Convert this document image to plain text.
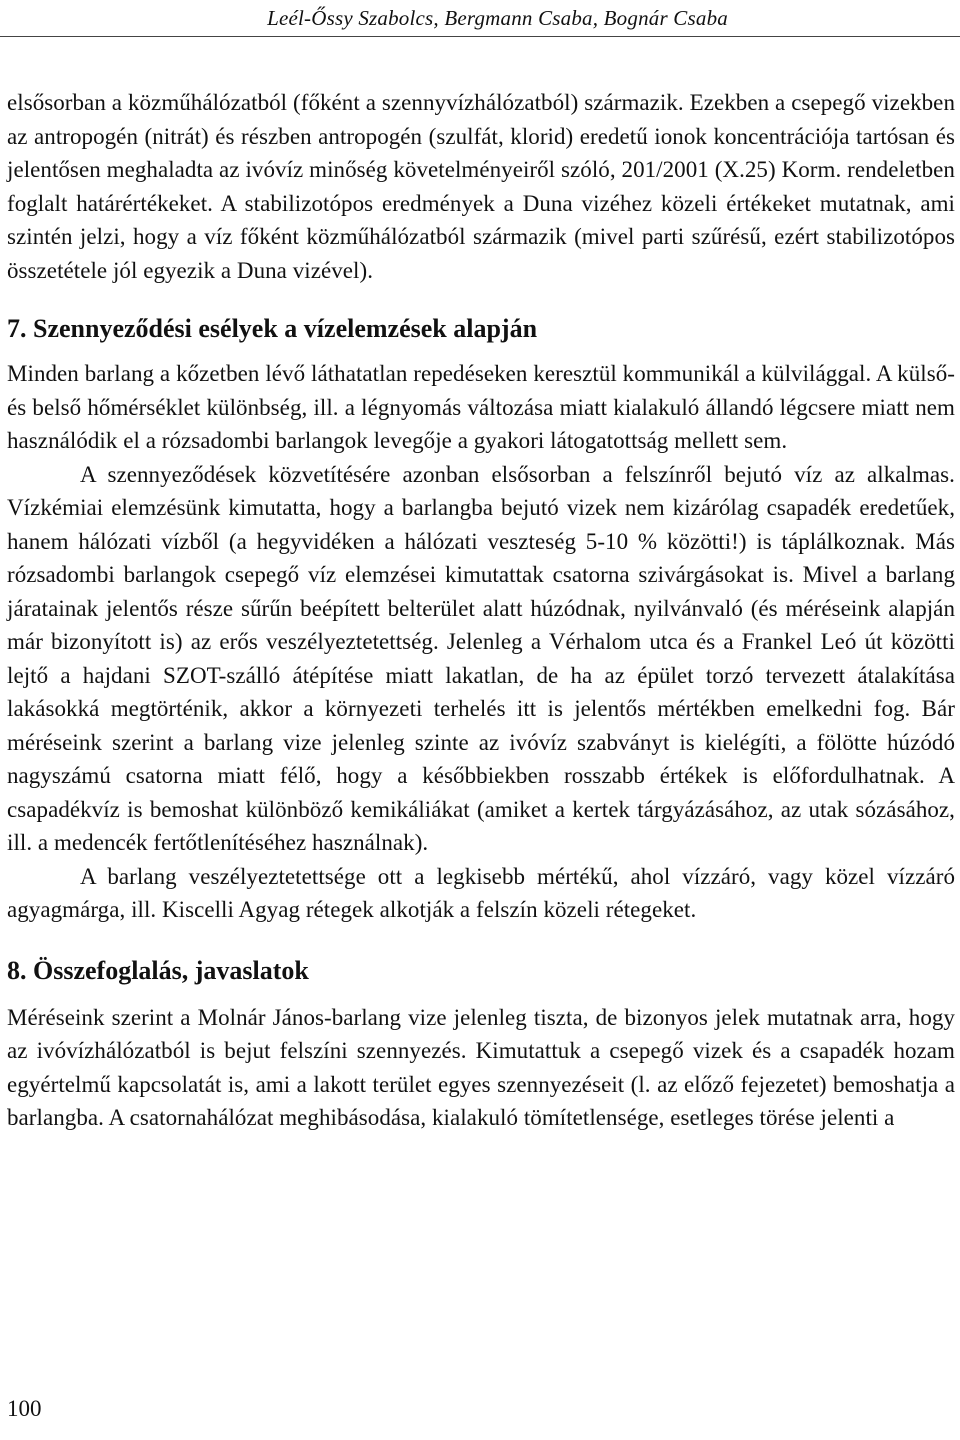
Leél-Őssy Szabolcs, Bergmann Csaba, Bognár Csaba

elsősorban a közműhálózatból (főként a szennyvízhálózatból) származik. Ezekben a csepegő vizekben az antropogén (nitrát) és részben antropogén (szulfát, klorid) eredetű ionok koncentrációja tartósan és jelentősen meghaladta az ivóvíz minőség követelményeiről szóló, 201/2001 (X.25) Korm. rendeletben foglalt határértékeket. A stabilizotópos eredmények a Duna vizéhez közeli értékeket mutatnak, ami szintén jelzi, hogy a víz főként közműhálózatból származik (mivel parti szűrésű, ezért stabilizotópos összetétele jól egyezik a Duna vizével).

7. Szennyeződési esélyek a vízelemzések alapján

Minden barlang a kőzetben lévő láthatatlan repedéseken keresztül kommunikál a külvilággal. A külső- és belső hőmérséklet különbség, ill. a légnyomás változása miatt kialakuló állandó légcsere miatt nem használódik el a rózsadombi barlangok levegője a gyakori látogatottság mellett sem.

A szennyeződések közvetítésére azonban elsősorban a felszínről bejutó víz az alkalmas. Vízkémiai elemzésünk kimutatta, hogy a barlangba bejutó vizek nem kizárólag csapadék eredetűek, hanem hálózati vízből (a hegyvidéken a hálózati veszteség 5-10 % közötti!) is táplálkoznak. Más rózsadombi barlangok csepegő víz elemzései kimutattak csatorna szivárgásokat is. Mivel a barlang járatainak jelentős része sűrűn beépített belterület alatt húzódnak, nyilvánvaló (és méréseink alapján már bizonyított is) az erős veszélyeztetettség. Jelenleg a Vérhalom utca és a Frankel Leó út közötti lejtő a hajdani SZOT-szálló átépítése miatt lakatlan, de ha az épület torzó tervezett átalakítása lakásokká megtörténik, akkor a környezeti terhelés itt is jelentős mértékben emelkedni fog. Bár méréseink szerint a barlang vize jelenleg szinte az ivóvíz szabványt is kielégíti, a fölötte húzódó nagyszámú csatorna miatt félő, hogy a későbbiekben rosszabb értékek is előfordulhatnak. A csapadékvíz is bemoshat különböző kemikáliákat (amiket a kertek tárgyázásához, az utak sózásához, ill. a medencék fertőtlenítéséhez használnak).

A barlang veszélyeztetettsége ott a legkisebb mértékű, ahol vízzáró, vagy közel vízzáró agyagmárga, ill. Kiscelli Agyag rétegek alkotják a felszín közeli rétegeket.

8. Összefoglalás, javaslatok

Méréseink szerint a Molnár János-barlang vize jelenleg tiszta, de bizonyos jelek mutatnak arra, hogy az ivóvízhálózatból is bejut felszíni szennyezés. Kimutattuk a csepegő vizek és a csapadék hozam egyértelmű kapcsolatát is, ami a lakott terület egyes szennyezéseit (l. az előző fejezetet) bemoshatja a barlangba. A csatornahálózat meghibásodása, kialakuló tömítetlensége, esetleges törése jelenti a

100
